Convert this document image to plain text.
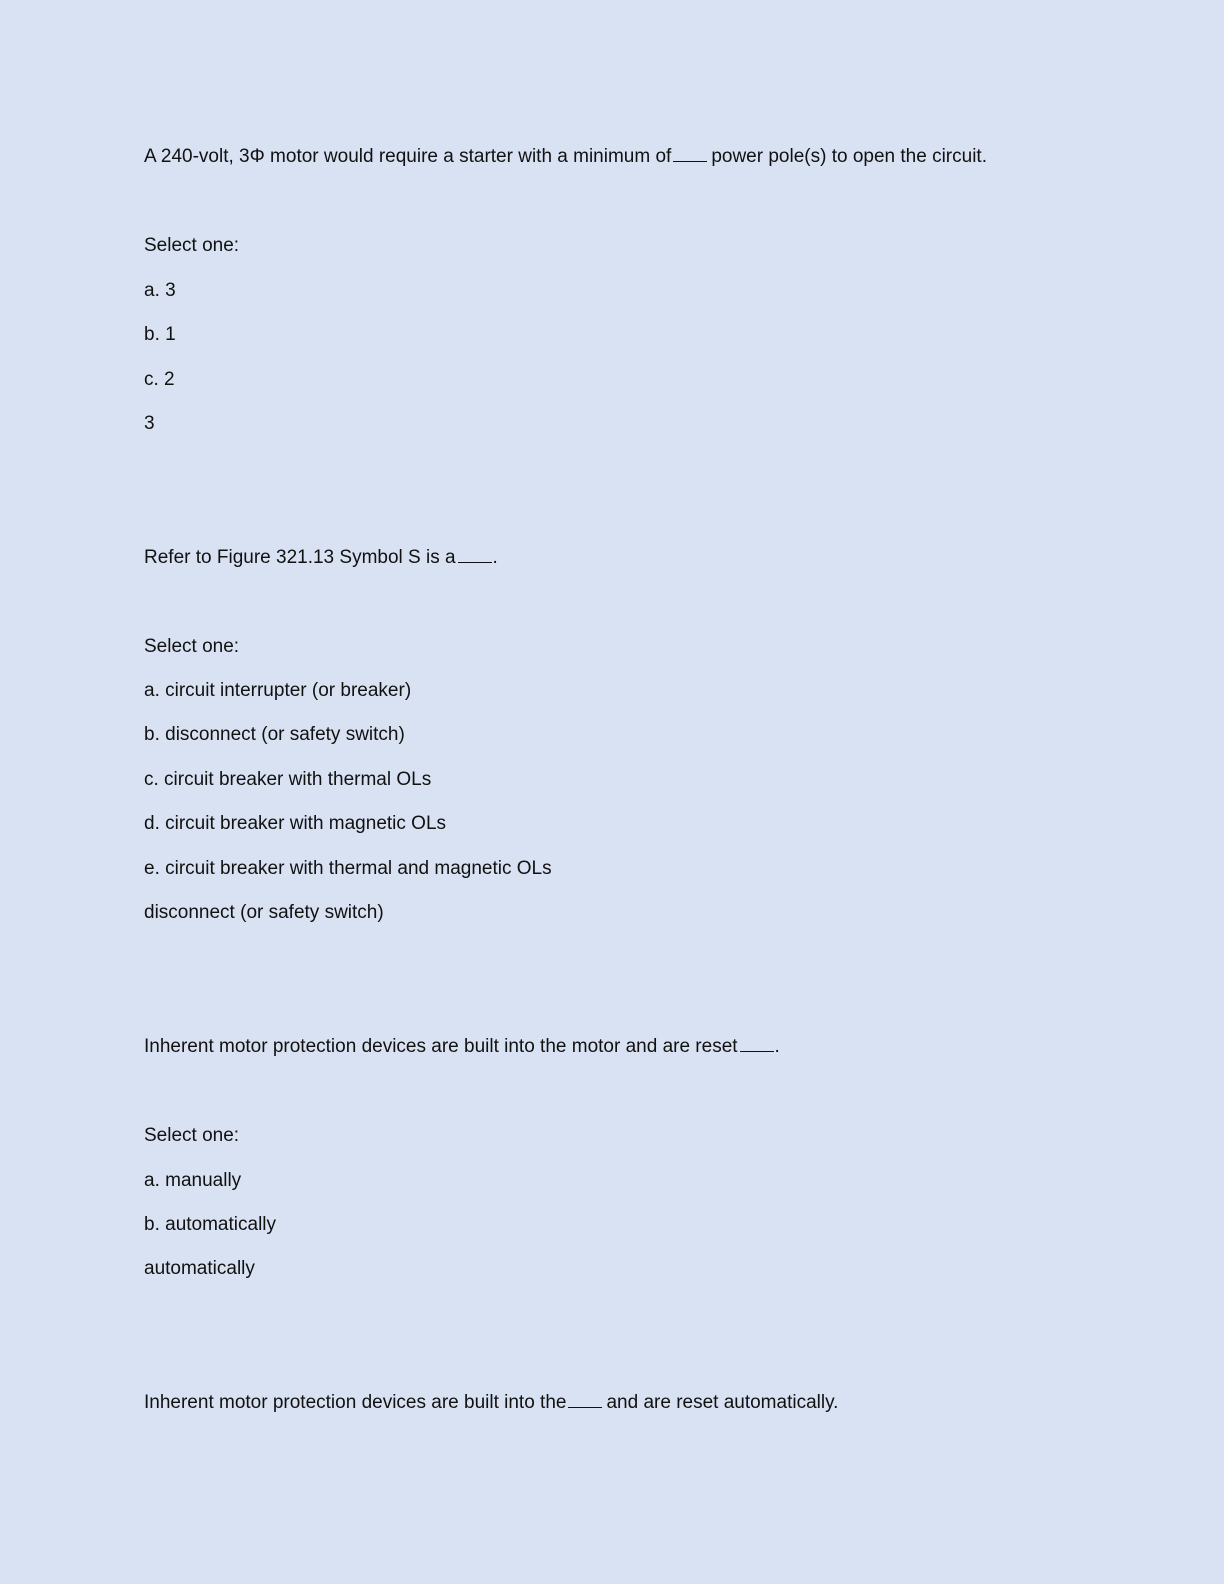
A 240-volt, 3Φ motor would require a starter with a minimum of power pole(s) to open the circuit.
Select one:
a. 3
b. 1
c. 2
3
Refer to Figure 321.13 Symbol S is a .
Select one:
a. circuit interrupter (or breaker)
b. disconnect (or safety switch)
c. circuit breaker with thermal OLs
d. circuit breaker with magnetic OLs
e. circuit breaker with thermal and magnetic OLs
disconnect (or safety switch)
Inherent motor protection devices are built into the motor and are reset .
Select one:
a. manually
b. automatically
automatically
Inherent motor protection devices are built into the and are reset automatically.
